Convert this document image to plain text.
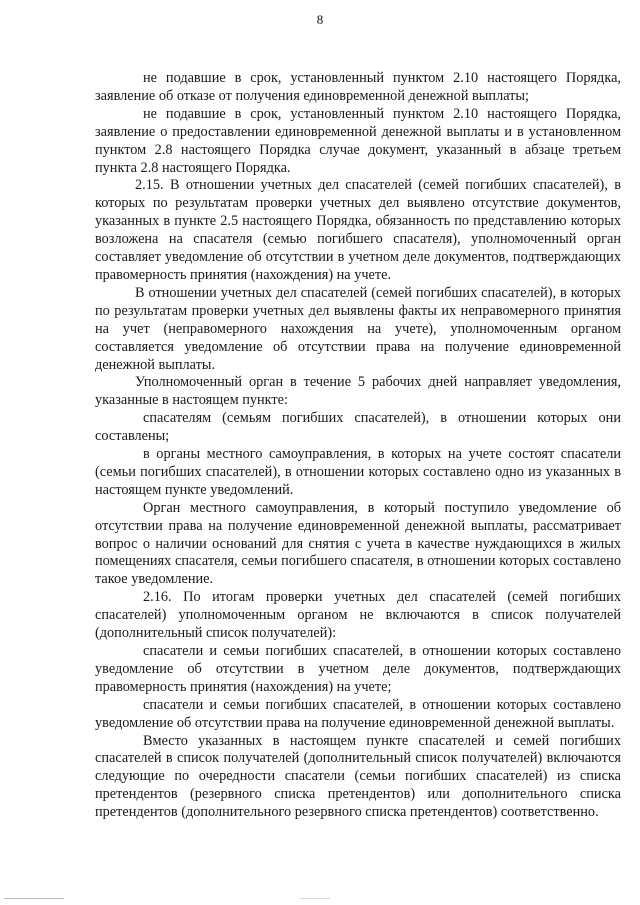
8

не подавшие в срок, установленный пунктом 2.10 настоящего Порядка, заявление об отказе от получения единовременной денежной выплаты;

не подавшие в срок, установленный пунктом 2.10 настоящего Порядка, заявление о предоставлении единовременной денежной выплаты и в установленном пунктом 2.8 настоящего Порядка случае документ, указанный в абзаце третьем пункта 2.8 настоящего Порядка.

2.15. В отношении учетных дел спасателей (семей погибших спасателей), в которых по результатам проверки учетных дел выявлено отсутствие документов, указанных в пункте 2.5 настоящего Порядка, обязанность по представлению которых возложена на спасателя (семью погибшего спасателя), уполномоченный орган составляет уведомление об отсутствии в учетном деле документов, подтверждающих правомерность принятия (нахождения) на учете.

В отношении учетных дел спасателей (семей погибших спасателей), в которых по результатам проверки учетных дел выявлены факты их неправомерного принятия на учет (неправомерного нахождения на учете), уполномоченным органом составляется уведомление об отсутствии права на получение единовременной денежной выплаты.

Уполномоченный орган в течение 5 рабочих дней направляет уведомления, указанные в настоящем пункте:

спасателям (семьям погибших спасателей), в отношении которых они составлены;

в органы местного самоуправления, в которых на учете состоят спасатели (семьи погибших спасателей), в отношении которых составлено одно из указанных в настоящем пункте уведомлений.

Орган местного самоуправления, в который поступило уведомление об отсутствии права на получение единовременной денежной выплаты, рассматривает вопрос о наличии оснований для снятия с учета в качестве нуждающихся в жилых помещениях спасателя, семьи погибшего спасателя, в отношении которых составлено такое уведомление.

2.16. По итогам проверки учетных дел спасателей (семей погибших спасателей) уполномоченным органом не включаются в список получателей (дополнительный список получателей):

спасатели и семьи погибших спасателей, в отношении которых составлено уведомление об отсутствии в учетном деле документов, подтверждающих правомерность принятия (нахождения) на учете;

спасатели и семьи погибших спасателей, в отношении которых составлено уведомление об отсутствии права на получение единовременной денежной выплаты.

Вместо указанных в настоящем пункте спасателей и семей погибших спасателей в список получателей (дополнительный список получателей) включаются следующие по очередности спасатели (семьи погибших спасателей) из списка претендентов (резервного списка претендентов) или дополнительного списка претендентов (дополнительного резервного списка претендентов) соответственно.
